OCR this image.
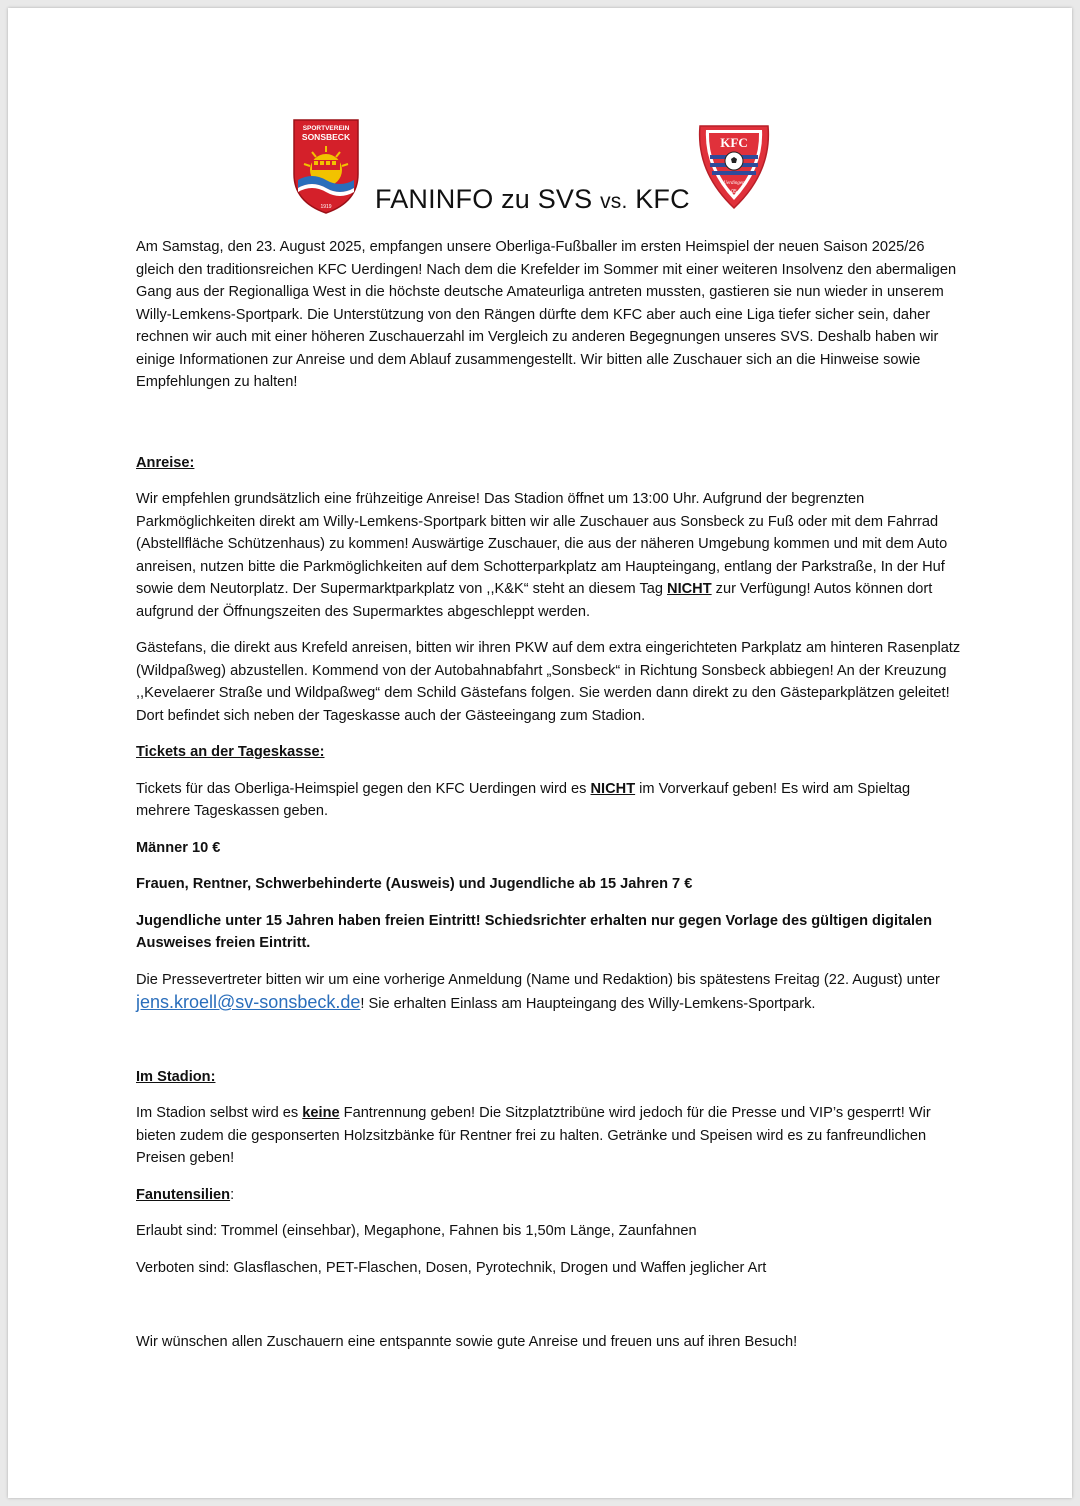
SPORTVEREIN
SONSBECK
1919 FANINFO zu SVS vs. KFC
KFC
Uerdingen
05

Am Samstag, den 23. August 2025, empfangen unsere Oberliga-Fußballer im ersten Heimspiel der neuen Saison 2025/26 gleich den traditionsreichen KFC Uerdingen! Nach dem die Krefelder im Sommer mit einer weiteren Insolvenz den abermaligen Gang aus der Regionalliga West in die höchste deutsche Amateurliga antreten mussten, gastieren sie nun wieder in unserem Willy-Lemkens-Sportpark. Die Unterstützung von den Rängen dürfte dem KFC aber auch eine Liga tiefer sicher sein, daher rechnen wir auch mit einer höheren Zuschauerzahl im Vergleich zu anderen Begegnungen unseres SVS. Deshalb haben wir einige Informationen zur Anreise und dem Ablauf zusammengestellt. Wir bitten alle Zuschauer sich an die Hinweise sowie Empfehlungen zu halten!

Anreise:

Wir empfehlen grundsätzlich eine frühzeitige Anreise! Das Stadion öffnet um 13:00 Uhr. Aufgrund der begrenzten Parkmöglichkeiten direkt am Willy-Lemkens-Sportpark bitten wir alle Zuschauer aus Sonsbeck zu Fuß oder mit dem Fahrrad (Abstellfläche Schützenhaus) zu kommen! Auswärtige Zuschauer, die aus der näheren Umgebung kommen und mit dem Auto anreisen, nutzen bitte die Parkmöglichkeiten auf dem Schotterparkplatz am Haupteingang, entlang der Parkstraße, In der Huf sowie dem Neutorplatz. Der Supermarktparkplatz von ,,K&K“ steht an diesem Tag NICHT zur Verfügung! Autos können dort aufgrund der Öffnungszeiten des Supermarktes abgeschleppt werden.

Gästefans, die direkt aus Krefeld anreisen, bitten wir ihren PKW auf dem extra eingerichteten Parkplatz am hinteren Rasenplatz (Wildpaßweg) abzustellen. Kommend von der Autobahnabfahrt „Sonsbeck“ in Richtung Sonsbeck abbiegen! An der Kreuzung ,,Kevelaerer Straße und Wildpaßweg“ dem Schild Gästefans folgen. Sie werden dann direkt zu den Gästeparkplätzen geleitet! Dort befindet sich neben der Tageskasse auch der Gästeeingang zum Stadion.

Tickets an der Tageskasse:

Tickets für das Oberliga-Heimspiel gegen den KFC Uerdingen wird es NICHT im Vorverkauf geben! Es wird am Spieltag mehrere Tageskassen geben.

Männer 10 €

Frauen, Rentner, Schwerbehinderte (Ausweis) und Jugendliche ab 15 Jahren 7 €

Jugendliche unter 15 Jahren haben freien Eintritt! Schiedsrichter erhalten nur gegen Vorlage des gültigen digitalen Ausweises freien Eintritt.

Die Pressevertreter bitten wir um eine vorherige Anmeldung (Name und Redaktion) bis spätestens Freitag (22. August) unter jens.kroell@sv-sonsbeck.de! Sie erhalten Einlass am Haupteingang des Willy-Lemkens-Sportpark.

Im Stadion:

Im Stadion selbst wird es keine Fantrennung geben! Die Sitzplatztribüne wird jedoch für die Presse und VIP’s gesperrt! Wir bieten zudem die gesponserten Holzsitzbänke für Rentner frei zu halten. Getränke und Speisen wird es zu fanfreundlichen Preisen geben!

Fanutensilien:

Erlaubt sind: Trommel (einsehbar), Megaphone, Fahnen bis 1,50m Länge, Zaunfahnen

Verboten sind: Glasflaschen, PET-Flaschen, Dosen, Pyrotechnik, Drogen und Waffen jeglicher Art

Wir wünschen allen Zuschauern eine entspannte sowie gute Anreise und freuen uns auf ihren Besuch!
